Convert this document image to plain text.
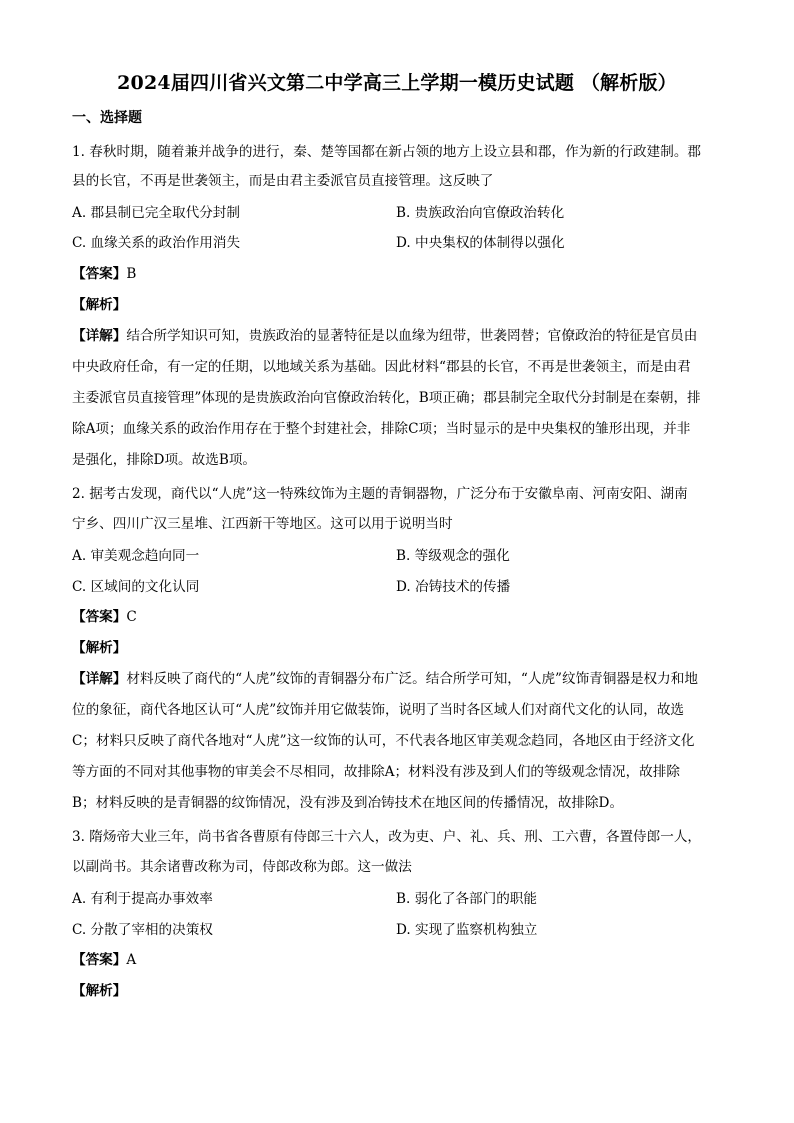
2024届四川省兴文第二中学高三上学期一模历史试题 （解析版）
一、选择题
1. 春秋时期，随着兼并战争的进行，秦、楚等国都在新占领的地方上设立县和郡，作为新的行政建制。郡
县的长官，不再是世袭领主，而是由君主委派官员直接管理。这反映了
A. 郡县制已完全取代分封制	B. 贵族政治向官僚政治转化
C. 血缘关系的政治作用消失	D. 中央集权的体制得以强化
【答案】B
【解析】
【详解】结合所学知识可知，贵族政治的显著特征是以血缘为纽带，世袭罔替；官僚政治的特征是官员由
中央政府任命，有一定的任期，以地域关系为基础。因此材料“郡县的长官，不再是世袭领主，而是由君
主委派官员直接管理”体现的是贵族政治向官僚政治转化，B项正确；郡县制完全取代分封制是在秦朝，排
除A项；血缘关系的政治作用存在于整个封建社会，排除C项；当时显示的是中央集权的雏形出现，并非
是强化，排除D项。故选B项。
2. 据考古发现，商代以“人虎”这一特殊纹饰为主题的青铜器物，广泛分布于安徽阜南、河南安阳、湖南
宁乡、四川广汉三星堆、江西新干等地区。这可以用于说明当时
A. 审美观念趋向同一	B. 等级观念的强化
C. 区域间的文化认同	D. 冶铸技术的传播
【答案】C
【解析】
【详解】材料反映了商代的“人虎”纹饰的青铜器分布广泛。结合所学可知，“人虎”纹饰青铜器是权力和地
位的象征，商代各地区认可“人虎”纹饰并用它做装饰，说明了当时各区域人们对商代文化的认同，故选
C；材料只反映了商代各地对“人虎”这一纹饰的认可，不代表各地区审美观念趋同，各地区由于经济文化
等方面的不同对其他事物的审美会不尽相同，故排除A；材料没有涉及到人们的等级观念情况，故排除
B；材料反映的是青铜器的纹饰情况，没有涉及到冶铸技术在地区间的传播情况，故排除D。
3. 隋炀帝大业三年，尚书省各曹原有侍郎三十六人，改为吏、户、礼、兵、刑、工六曹，各置侍郎一人，
以副尚书。其余诸曹改称为司，侍郎改称为郎。这一做法
A. 有利于提高办事效率	B. 弱化了各部门的职能
C. 分散了宰相的决策权	D. 实现了监察机构独立
【答案】A
【解析】
